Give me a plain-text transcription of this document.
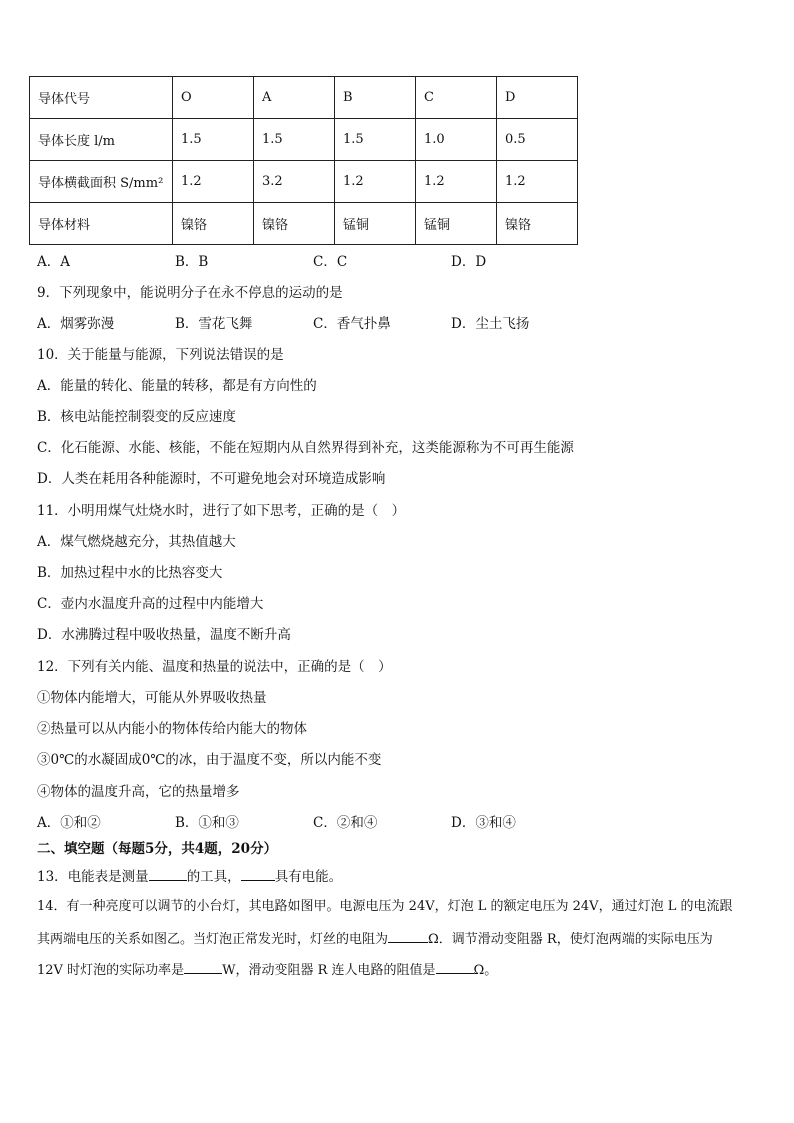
导体代号	O	A	B	C	D
导体长度 l/m	1.5	1.5	1.5	1.0	0.5
导体横截面积 S/mm²	1.2	3.2	1.2	1.2	1.2
导体材料	镍铬	镍铬	锰铜	锰铜	镍铬
A．A	B．B	C．C	D．D
9．下列现象中，能说明分子在永不停息的运动的是
A．烟雾弥漫	B．雪花飞舞	C．香气扑鼻	D．尘土飞扬
10．关于能量与能源，下列说法错误的是
A．能量的转化、能量的转移，都是有方向性的
B．核电站能控制裂变的反应速度
C．化石能源、水能、核能，不能在短期内从自然界得到补充，这类能源称为不可再生能源
D．人类在耗用各种能源时，不可避免地会对环境造成影响
11．小明用煤气灶烧水时，进行了如下思考，正确的是（　）
A．煤气燃烧越充分，其热值越大
B．加热过程中水的比热容变大
C．壶内水温度升高的过程中内能增大
D．水沸腾过程中吸收热量，温度不断升高
12．下列有关内能、温度和热量的说法中，正确的是（　）
①物体内能增大，可能从外界吸收热量
②热量可以从内能小的物体传给内能大的物体
③0℃的水凝固成0℃的冰，由于温度不变，所以内能不变
④物体的温度升高，它的热量增多
A．①和②	B．①和③	C．②和④	D．③和④
二、填空题（每题5分，共4题，20分）
13．电能表是测量	的工具，	具有电能。
14．有一种亮度可以调节的小台灯，其电路如图甲。电源电压为 24V，灯泡 L 的额定电压为 24V，通过灯泡 L 的电流跟
其两端电压的关系如图乙。当灯泡正常发光时，灯丝的电阻为	Ω．调节滑动变阻器 R，使灯泡两端的实际电压为
12V 时灯泡的实际功率是	W，滑动变阻器 R 连人电路的阻值是	Ω。
